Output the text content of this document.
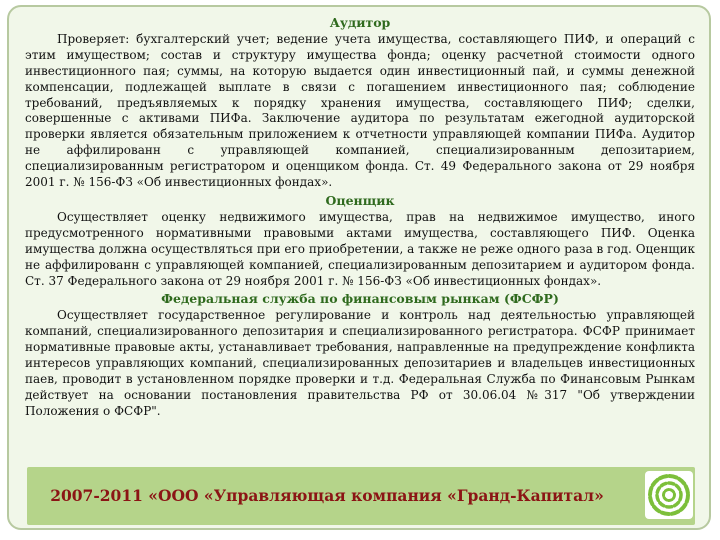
Аудитор
Проверяет: бухгалтерский учет; ведение учета имущества, составляющего ПИФ, и операций с этим имуществом; состав и структуру имущества фонда; оценку расчетной стоимости одного инвестиционного пая; суммы, на которую выдается один инвестиционный пай, и суммы денежной компенсации, подлежащей выплате в связи с погашением инвестиционного пая; соблюдение требований, предъявляемых к порядку хранения имущества, составляющего ПИФ; сделки, совершенные с активами ПИФа. Заключение аудитора по результатам ежегодной аудиторской проверки является обязательным приложением к отчетности управляющей компании ПИФа. Аудитор не аффилированн с управляющей компанией, специализированным депозитарием, специализированным регистратором и оценщиком фонда. Ст. 49 Федерального закона от 29 ноября 2001 г. № 156-ФЗ «Об инвестиционных фондах».
Оценщик
Осуществляет оценку недвижимого имущества, прав на недвижимое имущество, иного предусмотренного нормативными правовыми актами имущества, составляющего ПИФ. Оценка имущества должна осуществляться при его приобретении, а также не реже одного раза в год. Оценщик не аффилированн с управляющей компанией, специализированным депозитарием и аудитором фонда. Ст. 37 Федерального закона от 29 ноября 2001 г. № 156-ФЗ «Об инвестиционных фондах».
Федеральная служба по финансовым рынкам (ФСФР)
Осуществляет государственное регулирование и контроль над деятельностью управляющей компаний, специализированного депозитария и специализированного регистратора. ФСФР принимает нормативные правовые акты, устанавливает требования, направленные на предупреждение конфликта интересов управляющих компаний, специализированных депозитариев и владельцев инвестиционных паев, проводит в установленном порядке проверки и т.д. Федеральная Служба по Финансовым Рынкам действует на основании постановления правительства РФ от 30.06.04 №317 "Об утверждении Положения о ФСФР".
2007-2011 «ООО «Управляющая компания «Гранд-Капитал»
